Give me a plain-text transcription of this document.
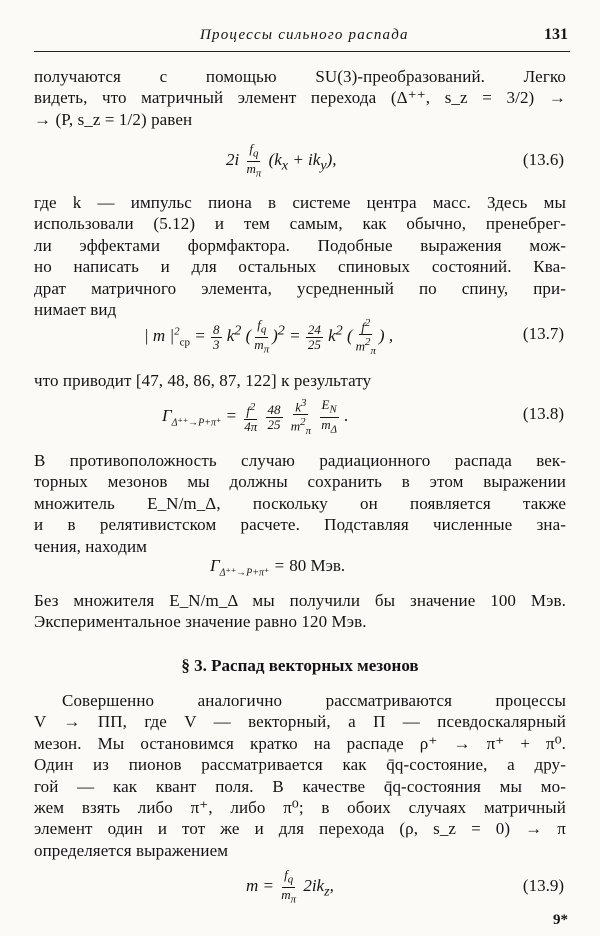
Процессы сильного распада	131
получаются с помощью SU(3)-преобразований. Легко
видеть, что матричный элемент перехода (Δ⁺⁺, s_z = 3/2) →
→ (P, s_z = 1/2) равен
$2i \frac{f_q}{m_\pi} (k_x + ik_y)$,	(13.6)
где k — импульс пиона в системе центра масс. Здесь мы
использовали (5.12) и тем самым, как обычно, пренебрег-
ли эффектами формфактора. Подобные выражения мож-
но написать и для остальных спиновых состояний. Ква-
драт матричного элемента, усредненный по спину, при-
нимает вид
| m $|^2_{ср} = \frac{8}{3} k^2$ ( $\frac{f_q}{m_\pi} )^2 = \frac{24}{25} k^2$ ( $\frac{f^2}{m^2_\pi}$ ) ,	(13.7)
что приводит [47, 48, 86, 87, 122] к результату
$\Gamma_{\Delta^{++}\to P+\pi^+} = \frac{f^2}{4\pi}$
$\frac{48}{25}$
$\frac{k^3}{m^2_\pi}$
$\frac{E_N}{m_\Delta}$ .	(13.8)
В противоположность случаю радиационного распада век-
торных мезонов мы должны сохранить в этом выражении
множитель E_N/m_Δ, поскольку он появляется также
и в релятивистском расчете. Подставляя численные зна-
чения, находим
$\Gamma_{\Delta^{++}\to P+\pi^+} = 80$ Мэв.
Без множителя E_N/m_Δ мы получили бы значение 100 Мэв.
Экспериментальное значение равно 120 Мэв.
§ 3. Распад векторных мезонов
Совершенно аналогично рассматриваются процессы
V → ПП, где V — векторный, а П — псевдоскалярный
мезон. Мы остановимся кратко на распаде ρ⁺ → π⁺ + π⁰.
Один из пионов рассматривается как q̄q-состояние, а дру-
гой — как квант поля. В качестве q̄q-состояния мы мо-
жем взять либо π⁺, либо π⁰; в обоих случаях матричный
элемент один и тот же и для перехода (ρ, s_z = 0) → π
определяется выражением
$m = \frac{f_q}{m_\pi} 2ik_z$,	(13.9)
9*
